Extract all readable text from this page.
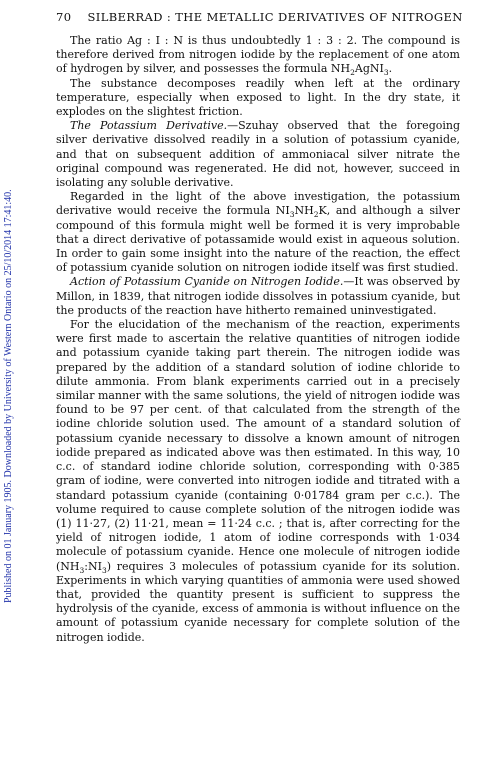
70 SILBERRAD : THE METALLIC DERIVATIVES OF NITROGEN
Published on 01 January 1905. Downloaded by University of Western Ontario on 25/10/2014 17:41:40.

The ratio Ag : I : N is thus undoubtedly 1 : 3 : 2. The compound is therefore derived from nitrogen iodide by the replacement of one atom of hydrogen by silver, and possesses the formula $NH_2AgNI_3$.

The substance decomposes readily when left at the ordinary temperature, especially when exposed to light. In the dry state, it explodes on the slightest friction.

The Potassium Derivative.—Szuhay observed that the foregoing silver derivative dissolved readily in a solution of potassium cyanide, and that on subsequent addition of ammoniacal silver nitrate the original compound was regenerated. He did not, however, succeed in isolating any soluble derivative.

Regarded in the light of the above investigation, the potassium derivative would receive the formula $NI_3NH_2K$, and although a silver compound of this formula might well be formed it is very improbable that a direct derivative of potassamide would exist in aqueous solution. In order to gain some insight into the nature of the reaction, the effect of potassium cyanide solution on nitrogen iodide itself was first studied.

Action of Potassium Cyanide on Nitrogen Iodide.—It was observed by Millon, in 1839, that nitrogen iodide dissolves in potassium cyanide, but the products of the reaction have hitherto remained uninvestigated.

For the elucidation of the mechanism of the reaction, experiments were first made to ascertain the relative quantities of nitrogen iodide and potassium cyanide taking part therein. The nitrogen iodide was prepared by the addition of a standard solution of iodine chloride to dilute ammonia. From blank experiments carried out in a precisely similar manner with the same solutions, the yield of nitrogen iodide was found to be 97 per cent. of that calculated from the strength of the iodine chloride solution used. The amount of a standard solution of potassium cyanide necessary to dissolve a known amount of nitrogen iodide prepared as indicated above was then estimated. In this way, 10 c.c. of standard iodine chloride solution, corresponding with 0·385 gram of iodine, were converted into nitrogen iodide and titrated with a standard potassium cyanide (containing 0·01784 gram per c.c.). The volume required to cause complete solution of the nitrogen iodide was (1) 11·27, (2) 11·21, mean = 11·24 c.c. ; that is, after correcting for the yield of nitrogen iodide, 1 atom of iodine corresponds with 1·034 molecule of potassium cyanide. Hence one molecule of nitrogen iodide $(NH_3:NI_3)$ requires 3 molecules of potassium cyanide for its solution. Experiments in which varying quantities of ammonia were used showed that, provided the quantity present is sufficient to suppress the hydrolysis of the cyanide, excess of ammonia is without influence on the amount of potassium cyanide necessary for complete solution of the nitrogen iodide.
